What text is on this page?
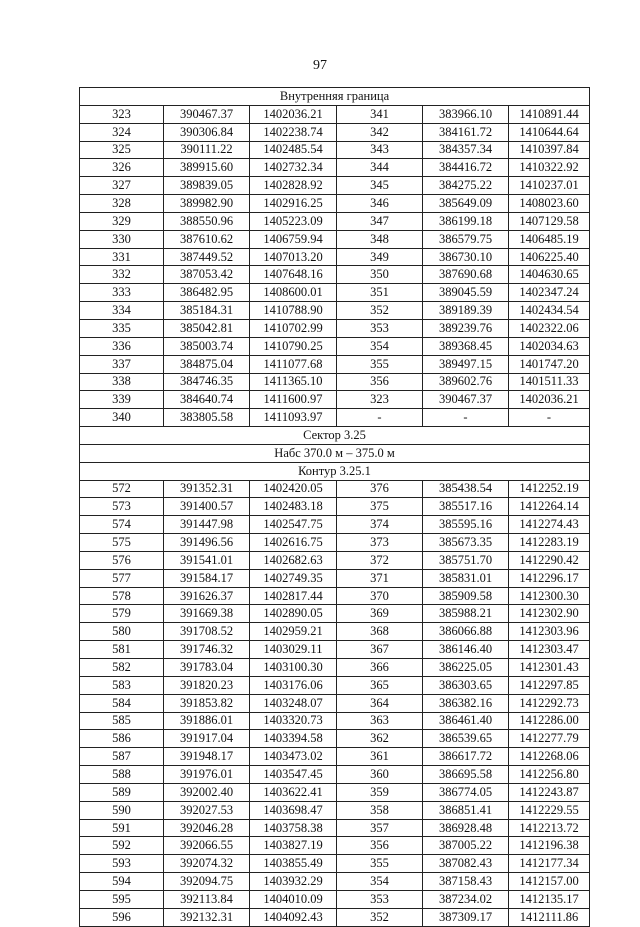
97
Внутренняя граница					
323	390467.37	1402036.21	341	383966.10	1410891.44
324	390306.84	1402238.74	342	384161.72	1410644.64
325	390111.22	1402485.54	343	384357.34	1410397.84
326	389915.60	1402732.34	344	384416.72	1410322.92
327	389839.05	1402828.92	345	384275.22	1410237.01
328	389982.90	1402916.25	346	385649.09	1408023.60
329	388550.96	1405223.09	347	386199.18	1407129.58
330	387610.62	1406759.94	348	386579.75	1406485.19
331	387449.52	1407013.20	349	386730.10	1406225.40
332	387053.42	1407648.16	350	387690.68	1404630.65
333	386482.95	1408600.01	351	389045.59	1402347.24
334	385184.31	1410788.90	352	389189.39	1402434.54
335	385042.81	1410702.99	353	389239.76	1402322.06
336	385003.74	1410790.25	354	389368.45	1402034.63
337	384875.04	1411077.68	355	389497.15	1401747.20
338	384746.35	1411365.10	356	389602.76	1401511.33
339	384640.74	1411600.97	323	390467.37	1402036.21
340	383805.58	1411093.97	-	-	-
Сектор 3.25					
Набс 370.0 м – 375.0 м					
Контур 3.25.1					
572	391352.31	1402420.05	376	385438.54	1412252.19
573	391400.57	1402483.18	375	385517.16	1412264.14
574	391447.98	1402547.75	374	385595.16	1412274.43
575	391496.56	1402616.75	373	385673.35	1412283.19
576	391541.01	1402682.63	372	385751.70	1412290.42
577	391584.17	1402749.35	371	385831.01	1412296.17
578	391626.37	1402817.44	370	385909.58	1412300.30
579	391669.38	1402890.05	369	385988.21	1412302.90
580	391708.52	1402959.21	368	386066.88	1412303.96
581	391746.32	1403029.11	367	386146.40	1412303.47
582	391783.04	1403100.30	366	386225.05	1412301.43
583	391820.23	1403176.06	365	386303.65	1412297.85
584	391853.82	1403248.07	364	386382.16	1412292.73
585	391886.01	1403320.73	363	386461.40	1412286.00
586	391917.04	1403394.58	362	386539.65	1412277.79
587	391948.17	1403473.02	361	386617.72	1412268.06
588	391976.01	1403547.45	360	386695.58	1412256.80
589	392002.40	1403622.41	359	386774.05	1412243.87
590	392027.53	1403698.47	358	386851.41	1412229.55
591	392046.28	1403758.38	357	386928.48	1412213.72
592	392066.55	1403827.19	356	387005.22	1412196.38
593	392074.32	1403855.49	355	387082.43	1412177.34
594	392094.75	1403932.29	354	387158.43	1412157.00
595	392113.84	1404010.09	353	387234.02	1412135.17
596	392132.31	1404092.43	352	387309.17	1412111.86
